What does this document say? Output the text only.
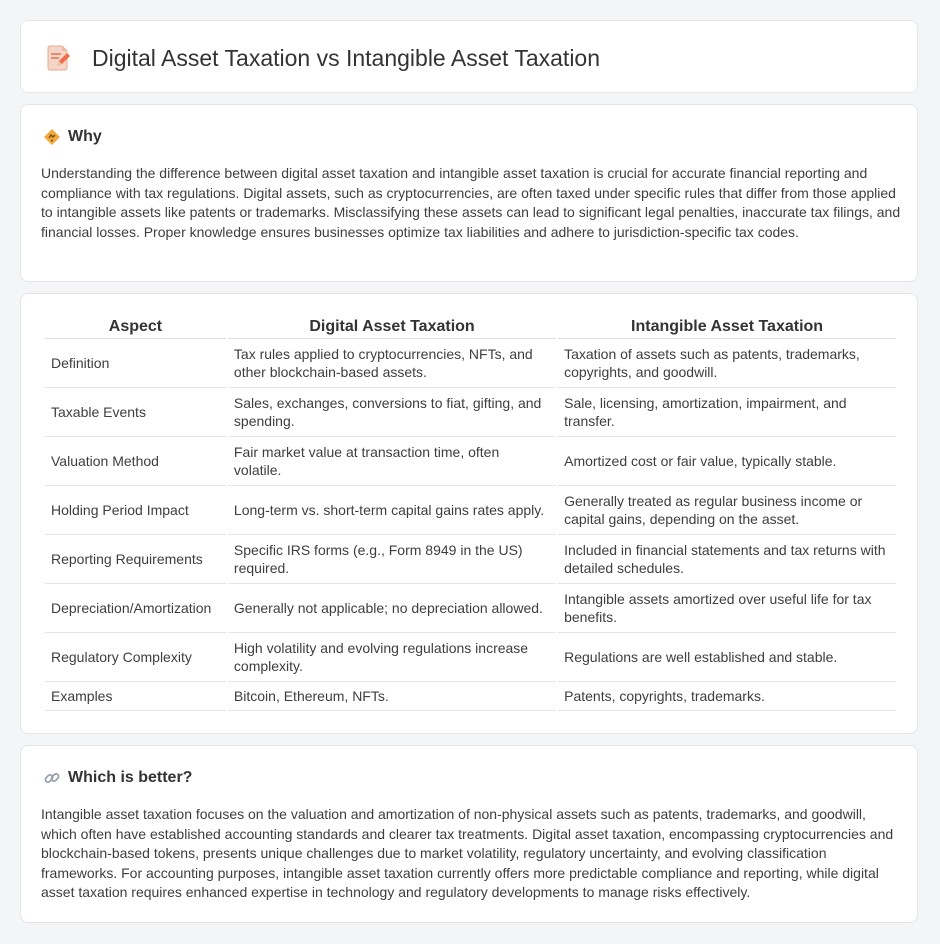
Digital Asset Taxation vs Intangible Asset Taxation
Why

Understanding the difference between digital asset taxation and intangible asset taxation is crucial for accurate financial reporting and compliance with tax regulations. Digital assets, such as cryptocurrencies, are often taxed under specific rules that differ from those applied to intangible assets like patents or trademarks. Misclassifying these assets can lead to significant legal penalties, inaccurate tax filings, and financial losses. Proper knowledge ensures businesses optimize tax liabilities and adhere to jurisdiction-specific tax codes.

Aspect	Digital Asset Taxation	Intangible Asset Taxation
Definition	Tax rules applied to cryptocurrencies, NFTs, and other blockchain-based assets.	Taxation of assets such as patents, trademarks, copyrights, and goodwill.
Taxable Events	Sales, exchanges, conversions to fiat, gifting, and spending.	Sale, licensing, amortization, impairment, and transfer.
Valuation Method	Fair market value at transaction time, often volatile.	Amortized cost or fair value, typically stable.
Holding Period Impact	Long-term vs. short-term capital gains rates apply.	Generally treated as regular business income or capital gains, depending on the asset.
Reporting Requirements	Specific IRS forms (e.g., Form 8949 in the US) required.	Included in financial statements and tax returns with detailed schedules.
Depreciation/Amortization	Generally not applicable; no depreciation allowed.	Intangible assets amortized over useful life for tax benefits.
Regulatory Complexity	High volatility and evolving regulations increase complexity.	Regulations are well established and stable.
Examples	Bitcoin, Ethereum, NFTs.	Patents, copyrights, trademarks.
Which is better?

Intangible asset taxation focuses on the valuation and amortization of non-physical assets such as patents, trademarks, and goodwill, which often have established accounting standards and clearer tax treatments. Digital asset taxation, encompassing cryptocurrencies and blockchain-based tokens, presents unique challenges due to market volatility, regulatory uncertainty, and evolving classification frameworks. For accounting purposes, intangible asset taxation currently offers more predictable compliance and reporting, while digital asset taxation requires enhanced expertise in technology and regulatory developments to manage risks effectively.
